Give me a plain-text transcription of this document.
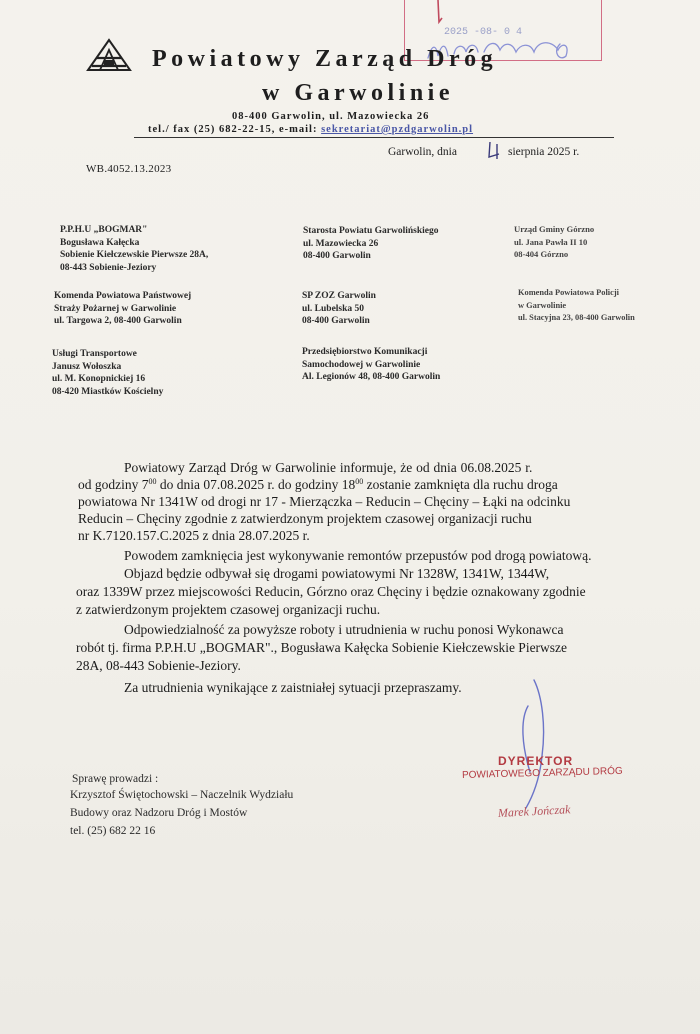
2025 -08- 0 4
Powiatowy Zarząd Dróg
w Garwolinie
08-400 Garwolin, ul. Mazowiecka 26
tel./ fax (25) 682-22-15, e-mail: sekretariat@pzdgarwolin.pl
Garwolin, dnia	sierpnia 2025 r.
WB.4052.13.2023
P.P.H.U „BOGMAR"
Bogusława Kałęcka
Sobienie Kiełczewskie Pierwsze 28A,
08-443 Sobienie-Jeziory
Starosta Powiatu Garwolińskiego
ul. Mazowiecka 26
08-400 Garwolin
Urząd Gminy Górzno
ul. Jana Pawła II 10
08-404 Górzno
Komenda Powiatowa Państwowej
Straży Pożarnej w Garwolinie
ul. Targowa 2, 08-400 Garwolin
SP ZOZ Garwolin
ul. Lubelska 50
08-400 Garwolin
Komenda Powiatowa Policji
w Garwolinie
ul. Stacyjna 23, 08-400 Garwolin
Usługi Transportowe
Janusz Wołoszka
ul. M. Konopnickiej 16
08-420 Miastków Kościelny
Przedsiębiorstwo Komunikacji
Samochodowej w Garwolinie
Al. Legionów 48, 08-400 Garwolin
Powiatowy Zarząd Dróg w Garwolinie informuje, że od dnia 06.08.2025 r.
od godziny $7^{00}$ do dnia 07.08.2025 r. do godziny $18^{00}$ zostanie zamknięta dla ruchu droga
powiatowa Nr 1341W od drogi nr 17 - Mierzączka – Reducin – Chęciny – Łąki na odcinku
Reducin – Chęciny zgodnie z zatwierdzonym projektem czasowej organizacji ruchu
nr K.7120.157.C.2025 z dnia 28.07.2025 r.
Powodem zamknięcia jest wykonywanie remontów przepustów pod drogą powiatową.
Objazd będzie odbywał się drogami powiatowymi Nr 1328W, 1341W, 1344W,
oraz 1339W przez miejscowości Reducin, Górzno oraz Chęciny i będzie oznakowany zgodnie
z zatwierdzonym projektem czasowej organizacji ruchu.
Odpowiedzialność za powyższe roboty i utrudnienia w ruchu ponosi Wykonawca
robót tj. firma P.P.H.U „BOGMAR"., Bogusława Kałęcka Sobienie Kiełczewskie Pierwsze
28A, 08-443 Sobienie-Jeziory.
Za utrudnienia wynikające z zaistniałej sytuacji przepraszamy.
DYREKTOR
POWIATOWEGO ZARZĄDU DRÓG
Marek Jończak
Sprawę prowadzi :
Krzysztof Świętochowski – Naczelnik Wydziału
Budowy oraz Nadzoru Dróg i Mostów
tel. (25) 682 22 16
